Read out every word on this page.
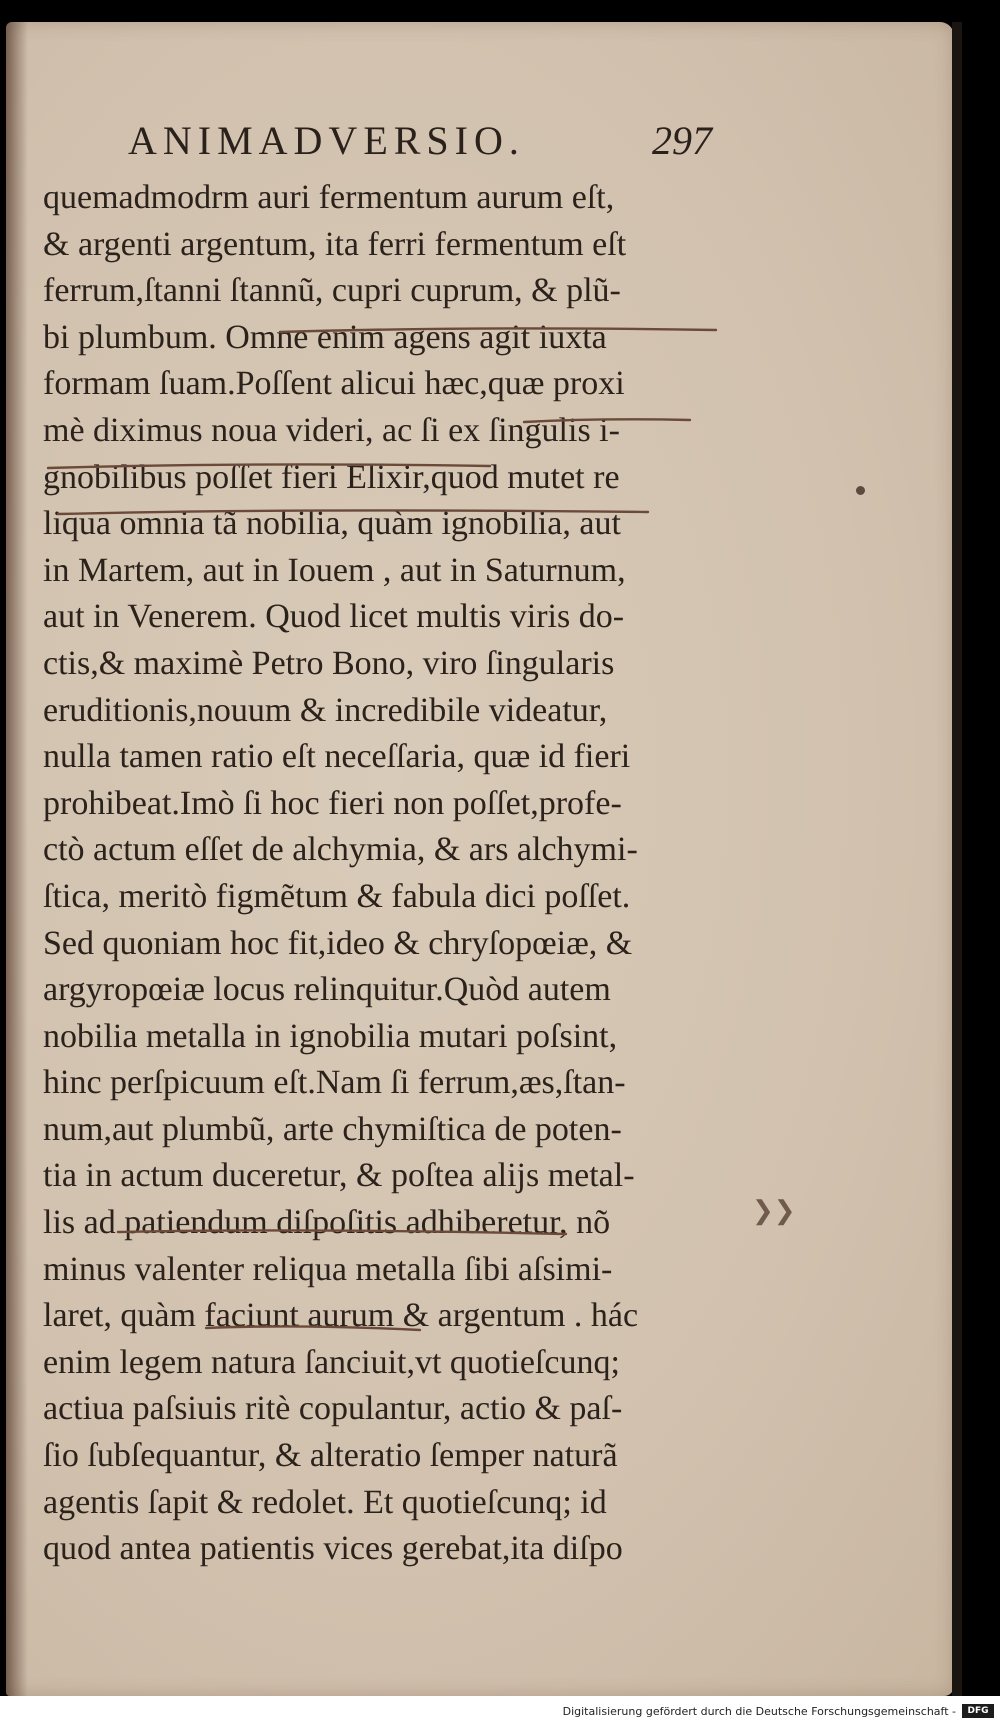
ANIMADVERSIO.	297
quemadmodrm auri fermentum aurum eſt,
& argenti argentum, ita ferri fermentum eſt
ferrum,ſtanni ſtannũ, cupri cuprum, & plũ-
bi plumbum. Omne enim agens agit iuxta
formam ſuam.Poſſent alicui hæc,quæ proxi
mè diximus noua videri, ac ſi ex ſingulis i-
gnobilibus poſſet fieri Elixir,quod mutet re
liqua omnia tã nobilia, quàm ignobilia, aut
in Martem, aut in Iouem , aut in Saturnum,
aut in Venerem. Quod licet multis viris do-
ctis,& maximè Petro Bono, viro ſingularis
eruditionis,nouum & incredibile videatur,
nulla tamen ratio eſt neceſſaria, quæ id fieri
prohibeat.Imò ſi hoc fieri non poſſet,profe-
ctò actum eſſet de alchymia, & ars alchymi-
ſtica, meritò figmẽtum & fabula dici poſſet.
Sed quoniam hoc fit,ideo & chryſopœiæ, &
argyropœiæ locus relinquitur.Quòd autem
nobilia metalla in ignobilia mutari poſsint,
hinc perſpicuum eſt.Nam ſi ferrum,æs,ſtan-
num,aut plumbũ, arte chymiſtica de poten-
tia in actum duceretur, & poſtea alijs metal-
lis ad patiendum diſpoſitis adhiberetur, nõ
minus valenter reliqua metalla ſibi aſsimi-
laret, quàm faciunt aurum & argentum . hác
enim legem natura ſanciuit,vt quotieſcunq;
actiua paſsiuis ritè copulantur, actio & paſ-
ſio ſubſequantur, & alteratio ſemper naturã
agentis ſapit & redolet. Et quotieſcunq; id
quod antea patientis vices gerebat,ita diſpo
❯❯
Digitalisierung gefördert durch die Deutsche Forschungsgemeinschaft -	DFG
